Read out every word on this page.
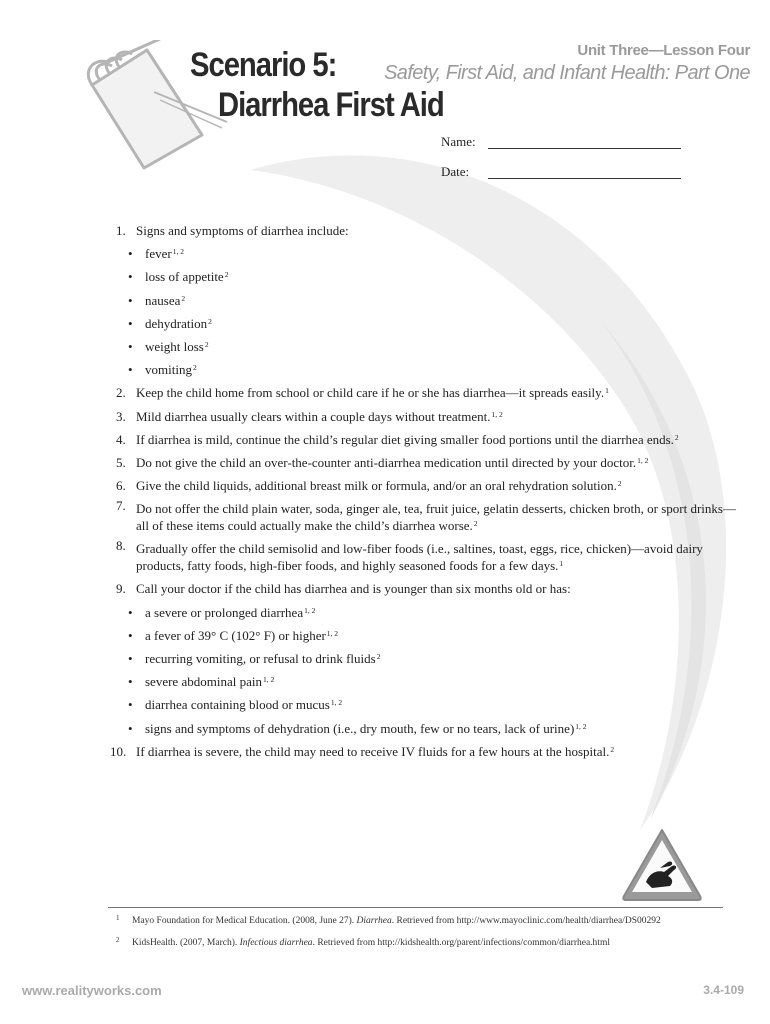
Unit Three—Lesson Four
Safety, First Aid, and Infant Health: Part One
Scenario 5:
Diarrhea First Aid
Name:
Date:
1. Signs and symptoms of diarrhea include:
• fever$^{1, 2}$
• loss of appetite$^2$
• nausea$^2$
• dehydration$^2$
• weight loss$^2$
• vomiting$^2$
2. Keep the child home from school or child care if he or she has diarrhea—it spreads easily.$^1$
3. Mild diarrhea usually clears within a couple days without treatment.$^{1, 2}$
4. If diarrhea is mild, continue the child’s regular diet giving smaller food portions until the diarrhea ends.$^2$
5. Do not give the child an over-the-counter anti-diarrhea medication until directed by your doctor.$^{1, 2}$
6. Give the child liquids, additional breast milk or formula, and/or an oral rehydration solution.$^2$
7. Do not offer the child plain water, soda, ginger ale, tea, fruit juice, gelatin desserts, chicken broth, or sport drinks—all of these items could actually make the child’s diarrhea worse.$^2$
8. Gradually offer the child semisolid and low-fiber foods (i.e., saltines, toast, eggs, rice, chicken)—avoid dairy products, fatty foods, high-fiber foods, and highly seasoned foods for a few days.$^1$
9. Call your doctor if the child has diarrhea and is younger than six months old or has:
• a severe or prolonged diarrhea$^{1, 2}$
• a fever of 39° C (102° F) or higher$^{1, 2}$
• recurring vomiting, or refusal to drink fluids$^2$
• severe abdominal pain$^{1, 2}$
• diarrhea containing blood or mucus$^{1, 2}$
• signs and symptoms of dehydration (i.e., dry mouth, few or no tears, lack of urine)$^{1, 2}$
10. If diarrhea is severe, the child may need to receive IV fluids for a few hours at the hospital.$^2$
1 Mayo Foundation for Medical Education. (2008, June 27). Diarrhea. Retrieved from http://www.mayoclinic.com/health/diarrhea/DS00292
2 KidsHealth. (2007, March). Infectious diarrhea. Retrieved from http://kidshealth.org/parent/infections/common/diarrhea.html
www.realityworks.com	3.4-109
